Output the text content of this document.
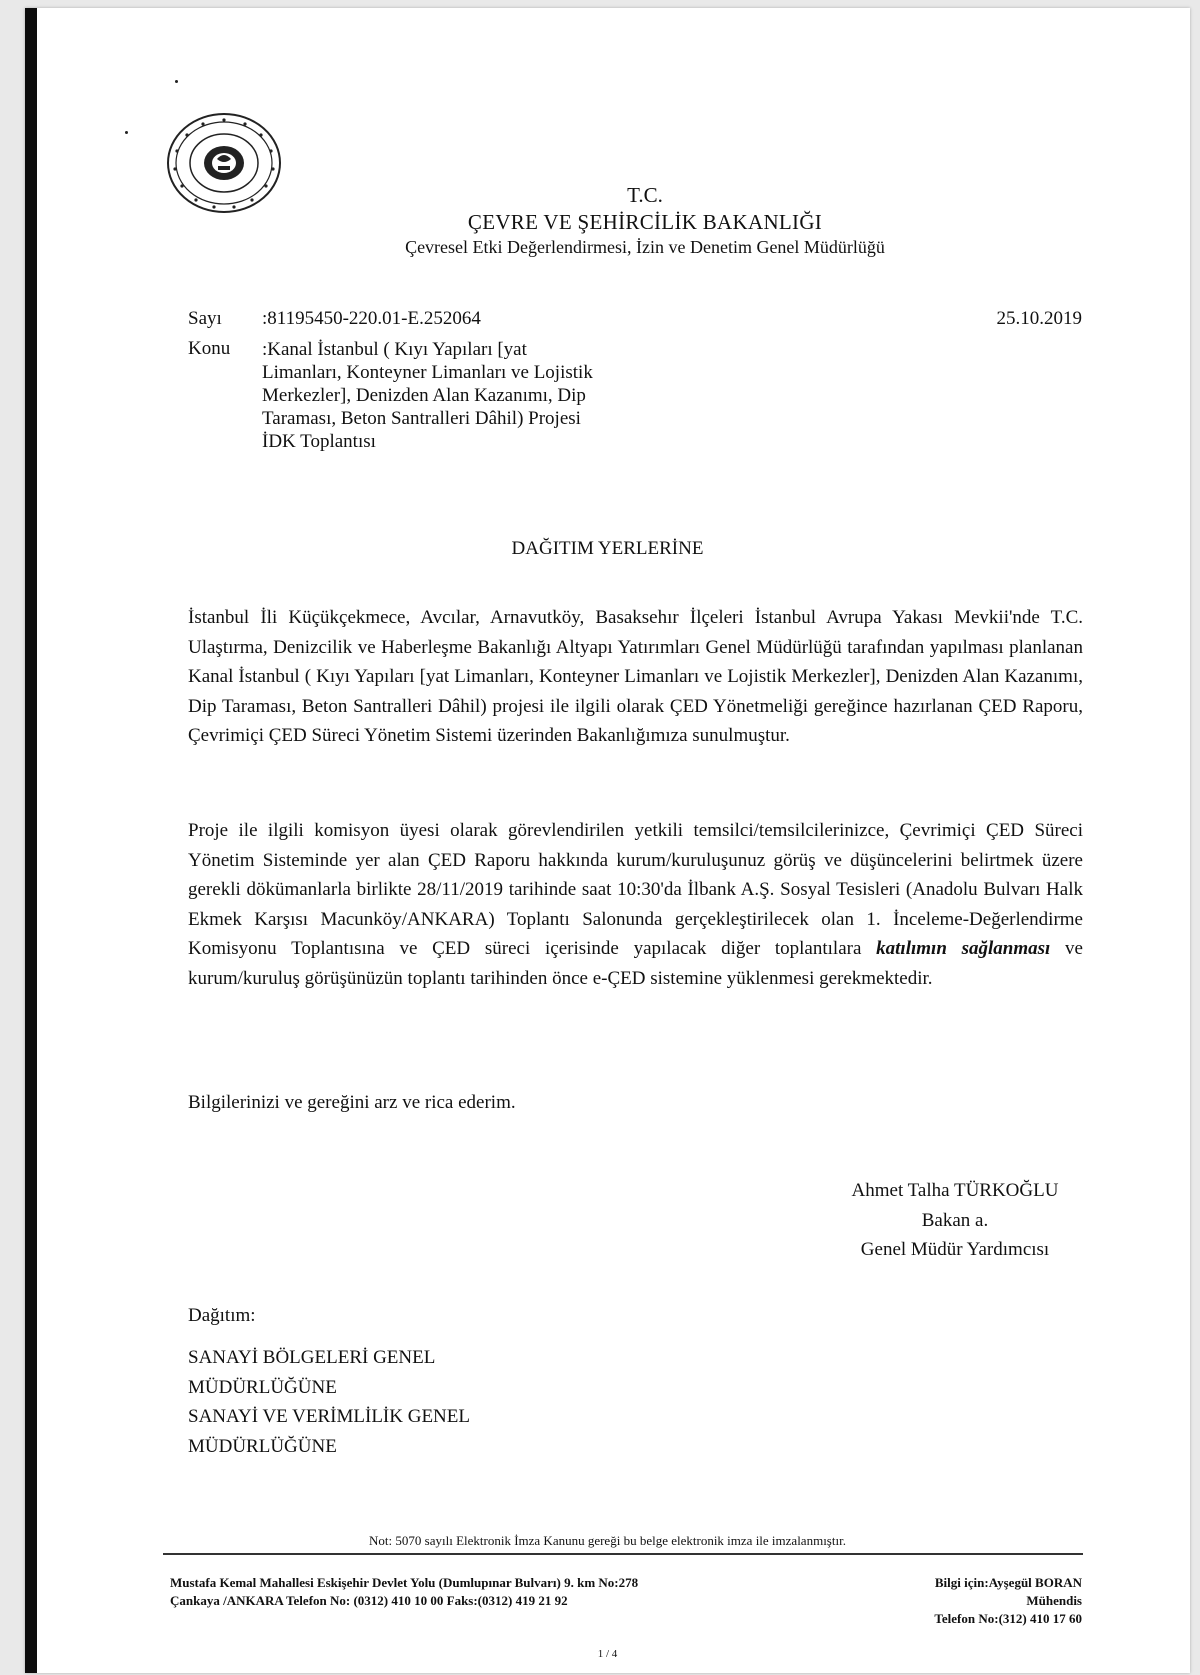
T.C.
ÇEVRE VE ŞEHİRCİLİK BAKANLIĞI
Çevresel Etki Değerlendirmesi, İzin ve Denetim Genel Müdürlüğü
Sayı :81195450-220.01-E.252064	25.10.2019
Konu :Kanal İstanbul ( Kıyı Yapıları [yat Limanları, Konteyner Limanları ve Lojistik Merkezler], Denizden Alan Kazanımı, Dip Taraması, Beton Santralleri Dâhil) Projesi İDK Toplantısı
DAĞITIM YERLERİNE
İstanbul İli Küçükçekmece, Avcılar, Arnavutköy, Basaksehır İlçeleri İstanbul Avrupa Yakası Mevkii'nde T.C. Ulaştırma, Denizcilik ve Haberleşme Bakanlığı Altyapı Yatırımları Genel Müdürlüğü tarafından yapılması planlanan Kanal İstanbul ( Kıyı Yapıları [yat Limanları, Konteyner Limanları ve Lojistik Merkezler], Denizden Alan Kazanımı, Dip Taraması, Beton Santralleri Dâhil) projesi ile ilgili olarak ÇED Yönetmeliği gereğince hazırlanan ÇED Raporu, Çevrimiçi ÇED Süreci Yönetim Sistemi üzerinden Bakanlığımıza sunulmuştur.
Proje ile ilgili komisyon üyesi olarak görevlendirilen yetkili temsilci/temsilcilerinizce, Çevrimiçi ÇED Süreci Yönetim Sisteminde yer alan ÇED Raporu hakkında kurum/kuruluşunuz görüş ve düşüncelerini belirtmek üzere gerekli dökümanlarla birlikte 28/11/2019 tarihinde saat 10:30'da İlbank A.Ş. Sosyal Tesisleri (Anadolu Bulvarı Halk Ekmek Karşısı Macunköy/ANKARA) Toplantı Salonunda gerçekleştirilecek olan 1. İnceleme-Değerlendirme Komisyonu Toplantısına ve ÇED süreci içerisinde yapılacak diğer toplantılara katılımın sağlanması ve kurum/kuruluş görüşünüzün toplantı tarihinden önce e-ÇED sistemine yüklenmesi gerekmektedir.
Bilgilerinizi ve gereğini arz ve rica ederim.
Ahmet Talha TÜRKOĞLU
Bakan a.
Genel Müdür Yardımcısı
Dağıtım:
SANAYİ BÖLGELERİ GENEL
MÜDÜRLÜĞÜNE
SANAYİ VE VERİMLİLİK GENEL
MÜDÜRLÜĞÜNE
Not: 5070 sayılı Elektronik İmza Kanunu gereği bu belge elektronik imza ile imzalanmıştır.
Mustafa Kemal Mahallesi Eskişehir Devlet Yolu (Dumlupınar Bulvarı) 9. km No:278
Çankaya /ANKARA Telefon No: (0312) 410 10 00 Faks:(0312) 419 21 92
Bilgi için:Ayşegül BORAN
Mühendis
Telefon No:(312) 410 17 60
1 / 4
